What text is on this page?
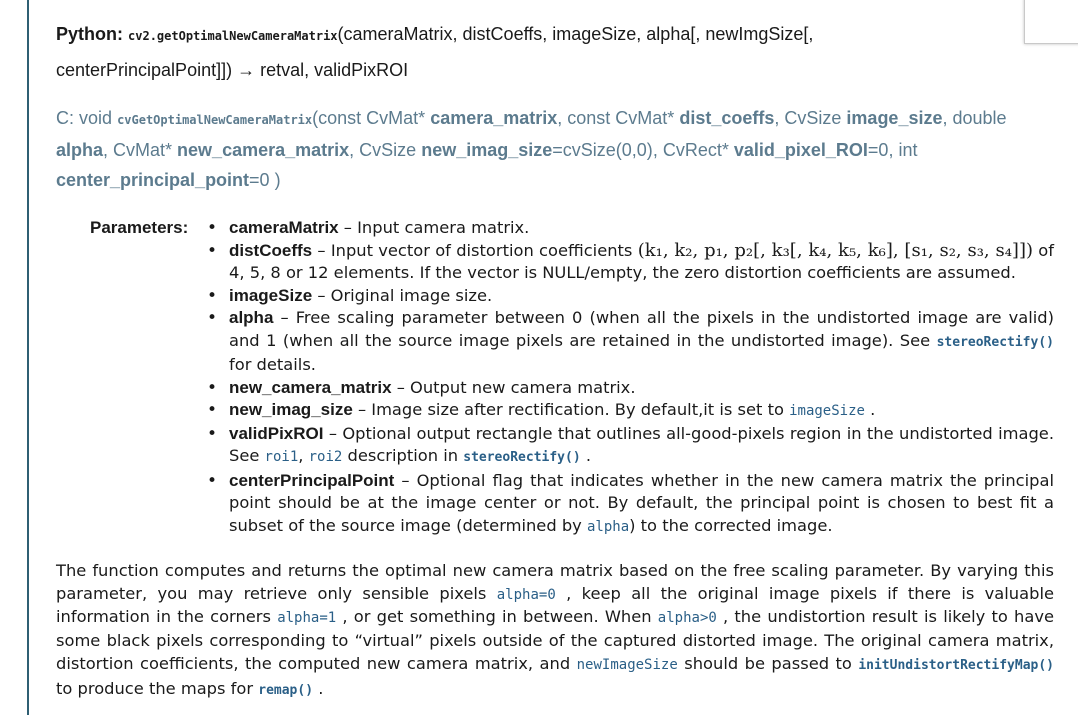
Python: cv2.getOptimalNewCameraMatrix(cameraMatrix, distCoeffs, imageSize, alpha[, newImgSize[,
centerPrincipalPoint]]) → retval, validPixROI
C: void cvGetOptimalNewCameraMatrix(const CvMat* camera_matrix, const CvMat* dist_coeffs, CvSize image_size, double alpha, CvMat* new_camera_matrix, CvSize new_imag_size=cvSize(0,0), CvRect* valid_pixel_ROI=0, int
center_principal_point=0 )
Parameters:
• cameraMatrix – Input camera matrix.
• distCoeffs – Input vector of distortion coefficients (k₁, k₂, p₁, p₂[, k₃[, k₄, k₅, k₆], [s₁, s₂, s₃, s₄]]) of 4, 5, 8 or 12 elements. If the vector is NULL/empty, the zero distortion coefficients are assumed.
• imageSize – Original image size.
• alpha – Free scaling parameter between 0 (when all the pixels in the undistorted image are valid) and 1 (when all the source image pixels are retained in the undistorted image). See stereoRectify() for details.
• new_camera_matrix – Output new camera matrix.
• new_imag_size – Image size after rectification. By default,it is set to imageSize .
• validPixROI – Optional output rectangle that outlines all-good-pixels region in the undistorted image. See roi1, roi2 description in stereoRectify() .
• centerPrincipalPoint – Optional flag that indicates whether in the new camera matrix the principal point should be at the image center or not. By default, the principal point is chosen to best fit a subset of the source image (determined by alpha) to the corrected image.
The function computes and returns the optimal new camera matrix based on the free scaling parameter. By varying this parameter, you may retrieve only sensible pixels alpha=0 , keep all the original image pixels if there is valuable information in the corners alpha=1 , or get something in between. When alpha>0 , the undistortion result is likely to have some black pixels corresponding to “virtual” pixels outside of the captured distorted image. The original camera matrix, distortion coefficients, the computed new camera matrix, and newImageSize should be passed to initUndistortRectifyMap() to produce the maps for remap() .
